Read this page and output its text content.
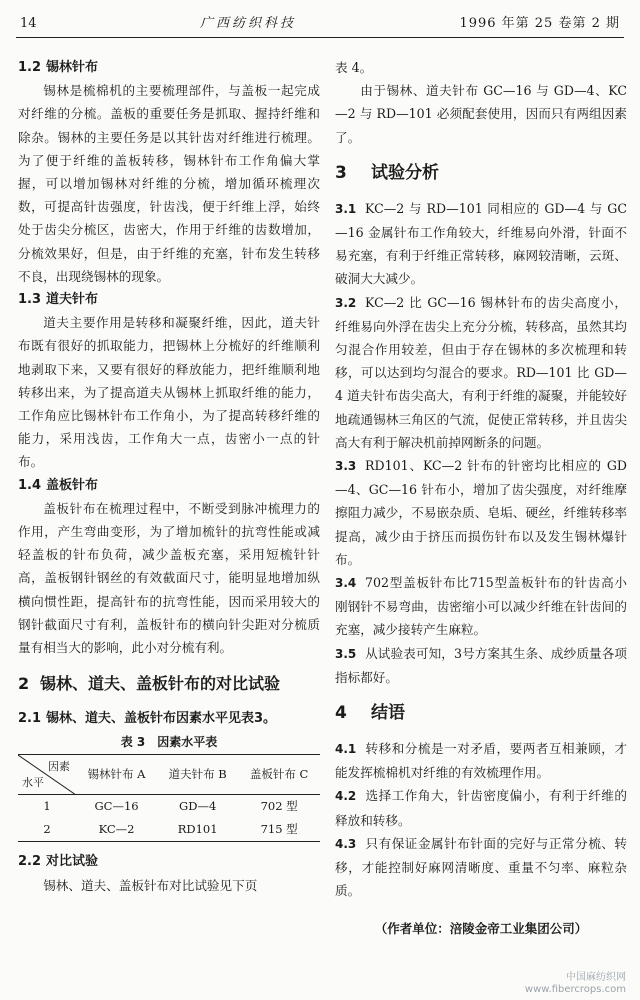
14	广西纺织科技	1996 年第 25 卷第 2 期
1.2 锡林针布

锡林是梳棉机的主要梳理部件，与盖板一起完成对纤维的分梳。盖板的重要任务是抓取、握持纤维和除杂。锡林的主要任务是以其针齿对纤维进行梳理。为了便于纤维的盖板转移，锡林针布工作角偏大掌握，可以增加锡林对纤维的分梳，增加循环梳理次数，可提高针齿强度，针齿浅，便于纤维上浮，始终处于齿尖分梳区，齿密大，作用于纤维的齿数增加，分梳效果好，但是，由于纤维的充塞，针布发生转移不良，出现绕锡林的现象。

1.3 道夫针布

道夫主要作用是转移和凝聚纤维，因此，道夫针布既有很好的抓取能力，把锡林上分梳好的纤维顺利地剥取下来，又要有很好的释放能力，把纤维顺利地转移出来，为了提高道夫从锡林上抓取纤维的能力，工作角应比锡林针布工作角小，为了提高转移纤维的能力，采用浅齿，工作角大一点，齿密小一点的针布。

1.4 盖板针布

盖板针布在梳理过程中，不断受到脉冲梳理力的作用，产生弯曲变形，为了增加梳针的抗弯性能或减轻盖板的针布负荷，减少盖板充塞，采用短梳针针高，盖板钢针钢丝的有效截面尺寸，能明显地增加纵横向惯性距，提高针布的抗弯性能，因而采用较大的钢针截面尺寸有利，盖板针布的横向针尖距对分梳质量有相当大的影响，此小对分梳有利。

2 锡林、道夫、盖板针布的对比试验
2.1 锡林、道夫、盖板针布因素水平见表3。
表 3　因素水平表
因素
水平	锡林针布 A	道夫针布 B	盖板针布 C
1	GC—16	GD—4	702 型
2	KC—2	RD101	715 型
2.2 对比试验

锡林、道夫、盖板针布对比试验见下页

表 4。

由于锡林、道夫针布 GC—16 与 GD—4、KC—2 与 RD—101 必须配套使用，因而只有两组因素了。

3 试验分析

3.1 KC—2 与 RD—101 同相应的 GD—4 与 GC—16 金属针布工作角较大，纤维易向外滑，针面不易充塞，有利于纤维正常转移，麻网较清晰，云斑、破洞大大减少。

3.2 KC—2 比 GC—16 锡林针布的齿尖高度小，纤维易向外浮在齿尖上充分分梳，转移高，虽然其均匀混合作用较差，但由于存在锡林的多次梳理和转移，可以达到均匀混合的要求。RD—101 比 GD—4 道夫针布齿尖高大，有利于纤维的凝聚，并能较好地疏通锡林三角区的气流，促使正常转移，并且齿尖高大有利于解决机前掉网断条的问题。

3.3 RD101、KC—2 针布的针密均比相应的 GD—4、GC—16 针布小，增加了齿尖强度，对纤维摩擦阻力减少，不易嵌杂质、皂垢、硬丝，纤维转移率提高，减少由于挤压而损伤针布以及发生锡林爆针布。

3.4 702型盖板针布比715型盖板针布的针齿高小刚钢针不易弯曲，齿密缩小可以减少纤维在针齿间的充塞，减少接转产生麻粒。

3.5 从试验表可知，3号方案其生条、成纱质量各项指标都好。

4 结语

4.1 转移和分梳是一对矛盾，要两者互相兼顾，才能发挥梳棉机对纤维的有效梳理作用。

4.2 选择工作角大，针齿密度偏小，有利于纤维的释放和转移。

4.3 只有保证金属针布针面的完好与正常分梳、转移，才能控制好麻网清晰度、重量不匀率、麻粒杂质。

（作者单位：涪陵金帝工业集团公司）
中国麻纺织网
www.fibercrops.com
